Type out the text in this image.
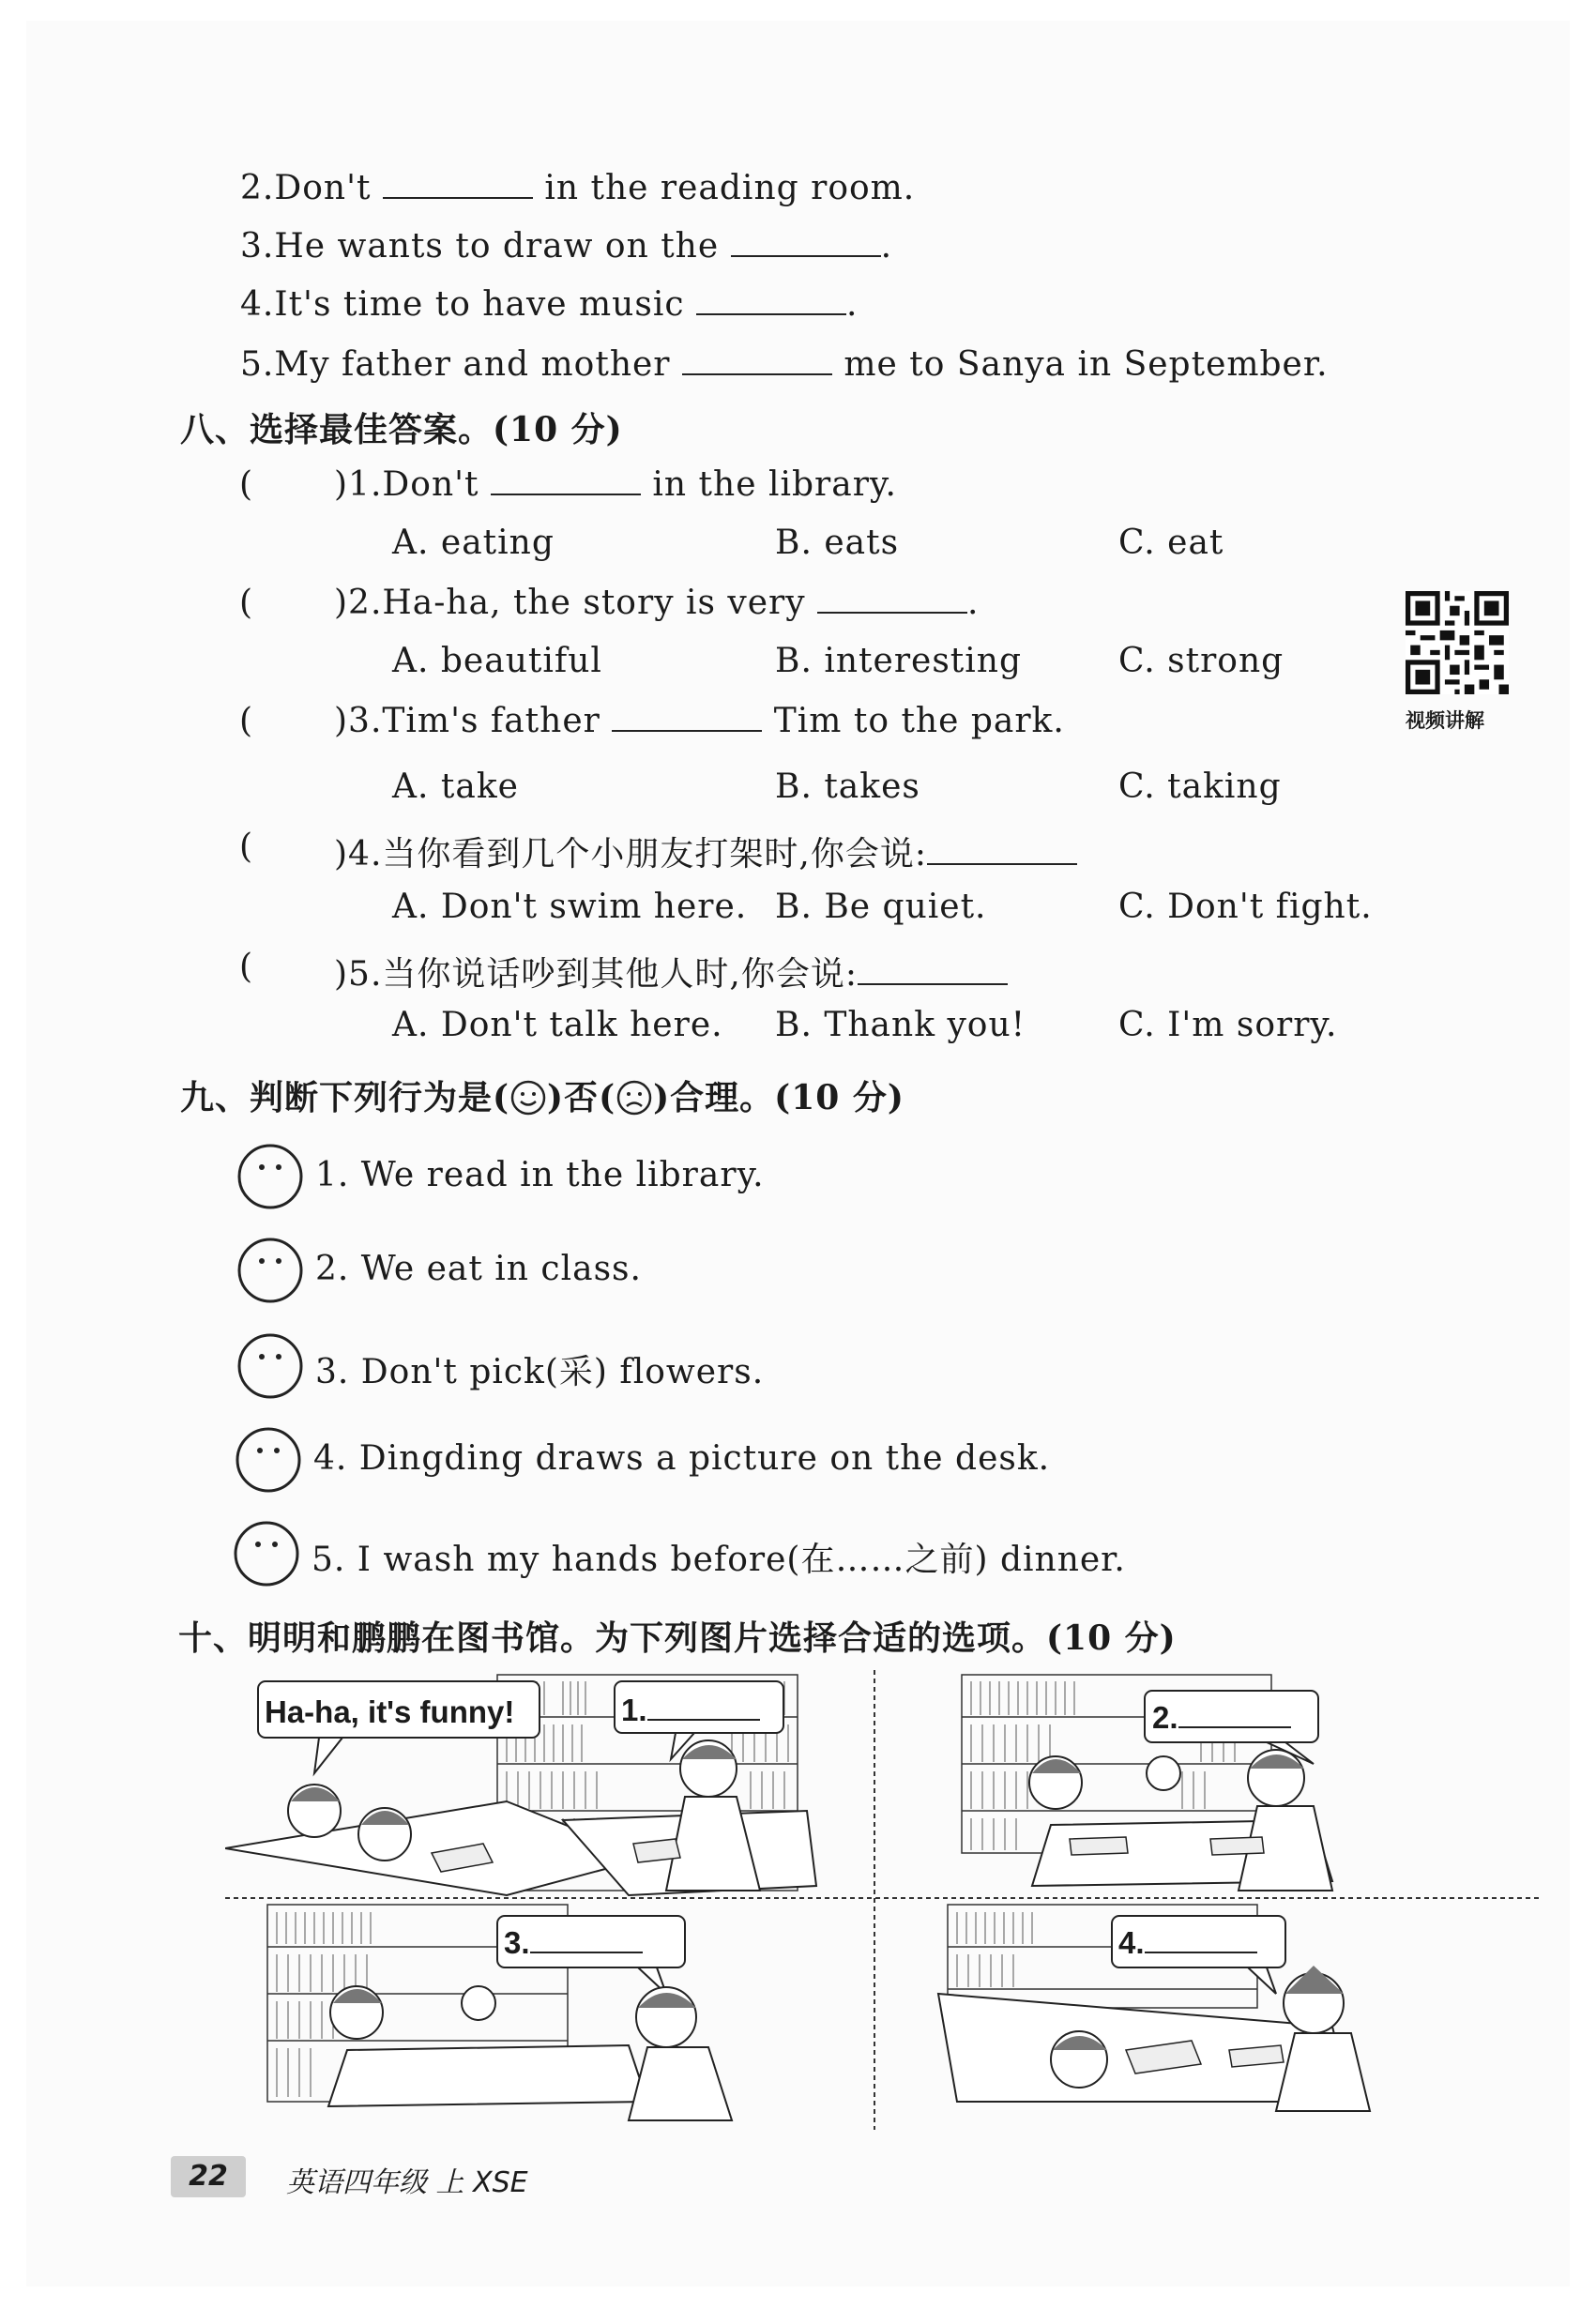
2.Don't	in the reading room.
3.He wants to draw on the	.
4.It's time to have music	.
5.My father and mother	me to Sanya in September.
八、选择最佳答案。(10 分)
( )1.Don't	in the library.
A. eating	B. eats	C. eat
( )2.Ha-ha, the story is very	.
A. beautiful	B. interesting	C. strong
视频讲解
( )3.Tim's father	Tim to the park.
A. take	B. takes	C. taking
( )4.当你看到几个小朋友打架时,你会说:
A. Don't swim here. B. Be quiet.	C. Don't fight.
( )5.当你说话吵到其他人时,你会说:
A. Don't talk here. B. Thank you!	C. I'm sorry.
九、判断下列行为是( )否( )合理。(10 分)
1. We read in the library.
2. We eat in class.
3. Don't pick(采) flowers.
4. Dingding draws a picture on the desk.
5. I wash my hands before(在……之前) dinner.
十、明明和鹏鹏在图书馆。为下列图片选择合适的选项。(10 分)
Ha-ha, it's funny!	1.	2.
3.	4.
22	英语四年级 上 XSE
